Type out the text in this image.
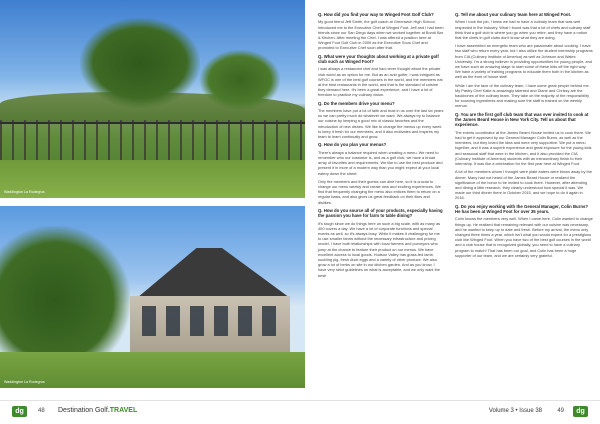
Waddington La Rodegrus
Waddington La Rodegrus
Q. How did you find your way to Winged Foot Golf Club?

My good friend Jeff Smith, the golf coach at Greenwich High School, introduced me to the Executive Chef at Winged Foot. Jeff and I had been friends since our San Diego days when we worked together at Bondi Bar & Kitchen. After meeting the Chef, I was offered a position here at Winged Foot Golf Club in 2009 as the Executive Sous Chef and promoted to Executive Chef soon after that.

Q. What were your thoughts about working at a private golf club such as Winged Foot?

I was always a restaurant chef and had never thought about the private club world as an option for me. But as an avid golfer, I was intrigued as WFGC is one of the best golf courses in the world, and the members eat at the best restaurants in the world, and that is the standard of cuisine they demand here. It's been a great experience, and I have a lot of freedom to practice my culinary vision.

Q. Do the members drive your menu?

The members have put a lot of faith and trust in us over the last six years so we can pretty much do whatever we want. We always try to balance our cuisine by keeping a good mix of classic favorites and the introduction of new dishes. We like to change the menus up every week to keep it fresh for our members, and it also motivates and inspires my team to learn continually and grow.

Q. How do you plan your menus?

There's always a balance required when creating a menu. We need to remember who our customer is, and as a golf club, we have a broad array of favorites and requirements. We like to use the best produce and present it in more of a modern way than you might expect at your local eatery down the street.

Only the members and their guests can dine here, so it is crucial to change our menu weekly and create new and exciting experiences. We find that frequently changing the menu also entices them to return on a regular basis, and also gives us great feedback on their likes and dislikes.

Q. How do you source all of your products, especially having the passion you have for farm to table dining?

It's tough since we do things here on such a big scale, with as many as 400 covers a day. We have a lot of corporate functions and special events as well, so it's always busy. While it makes it challenging for me to use smaller farms without the necessary infrastructure and pricing model, I have built relationships with local farmers and purveyors who jump at the chance to feature their product on our menus. We have excellent access to local goods. Hudson Valley has grass-fed lamb, suckling pig, fresh duck eggs and a variety of other produce. We also grow a lot of herbs on site in our kitchen garden. And as you know, I have very strict guidelines on what is acceptable, and we only want the best!

Q. Tell me about your culinary team here at Winged Foot.

When I took the job, I knew we had to have a culinary team that was well respected in the industry. What I found was that a lot of chefs and culinary staff think that a golf club is where you go when you retire, and they have a notion that the chefs in golf clubs don't know what they are doing.

I have assembled an energetic team who are passionate about cooking. I have two staff who return every year, but I also utilize the student internship programs from CIA (Culinary Institute of America) as well as Johnson and Wales University. I'm a strong believer in providing opportunities for young people, and we have such an amazing stage to start some of these kids off the right way. We have a variety of training programs to educate them both in the kitchen as well as the front of house staff.

While I am the face of the culinary team, I have some great people behind me. My Pastry Chef Katie is amazingly talented and Diane and Chrissy are the backbones of the culinary team. They take on the majority of the responsibility for sourcing ingredients and making sure the staff is trained on the weekly menus.

Q. You are the first golf club team that was ever invited to cook at the James Beard House in New York City. Tell us about that experience.

The events coordinator at the James Beard House invited us to cook there. We had to get it approved by our General Manager Colin Burns, as well as the members, but they loved the idea and were very supportive. We put a menu together, and it was a superb experience and great exposure for the young kids and seasonal staff that were in the kitchen, and it also provided the CIA (Culinary Institute of America) students with an extraordinary finish to their internship. It was like a celebration for the first year here at Winged Foot.

A lot of the members whom I thought were plate eaters were blown away by the dinner. Many had not heard of the James Beard House or realized the significance of the honor to be invited to cook there. However, after attending and dining a little research, they clearly understood how special it was. We made our third dinner there in October 2015, and we hope to do it again in 2016.

Q. Do you enjoy working with the General Manager, Colin Burns? He has been at Winged Foot for over 35 years.

Colin knows the members very well. When I came here, Colin wanted to change things up. He realized that remaining relevant with our cuisine was necessary, and he wanted to keep up to date and fresh. Before my arrival, the menu only changed three times a year, which isn't what you would expect for a prestigious club like Winged Foot. When you have two of the best golf courses in the world and a club house that is recognized globally, you need to have a culinary program to match! That has been our goal, and Colin has been a huge supporter of our team, and we are certainly very grateful.

dg	48 Destination Golf.TRAVEL	Volume 3 • Issue 38	49	dg
